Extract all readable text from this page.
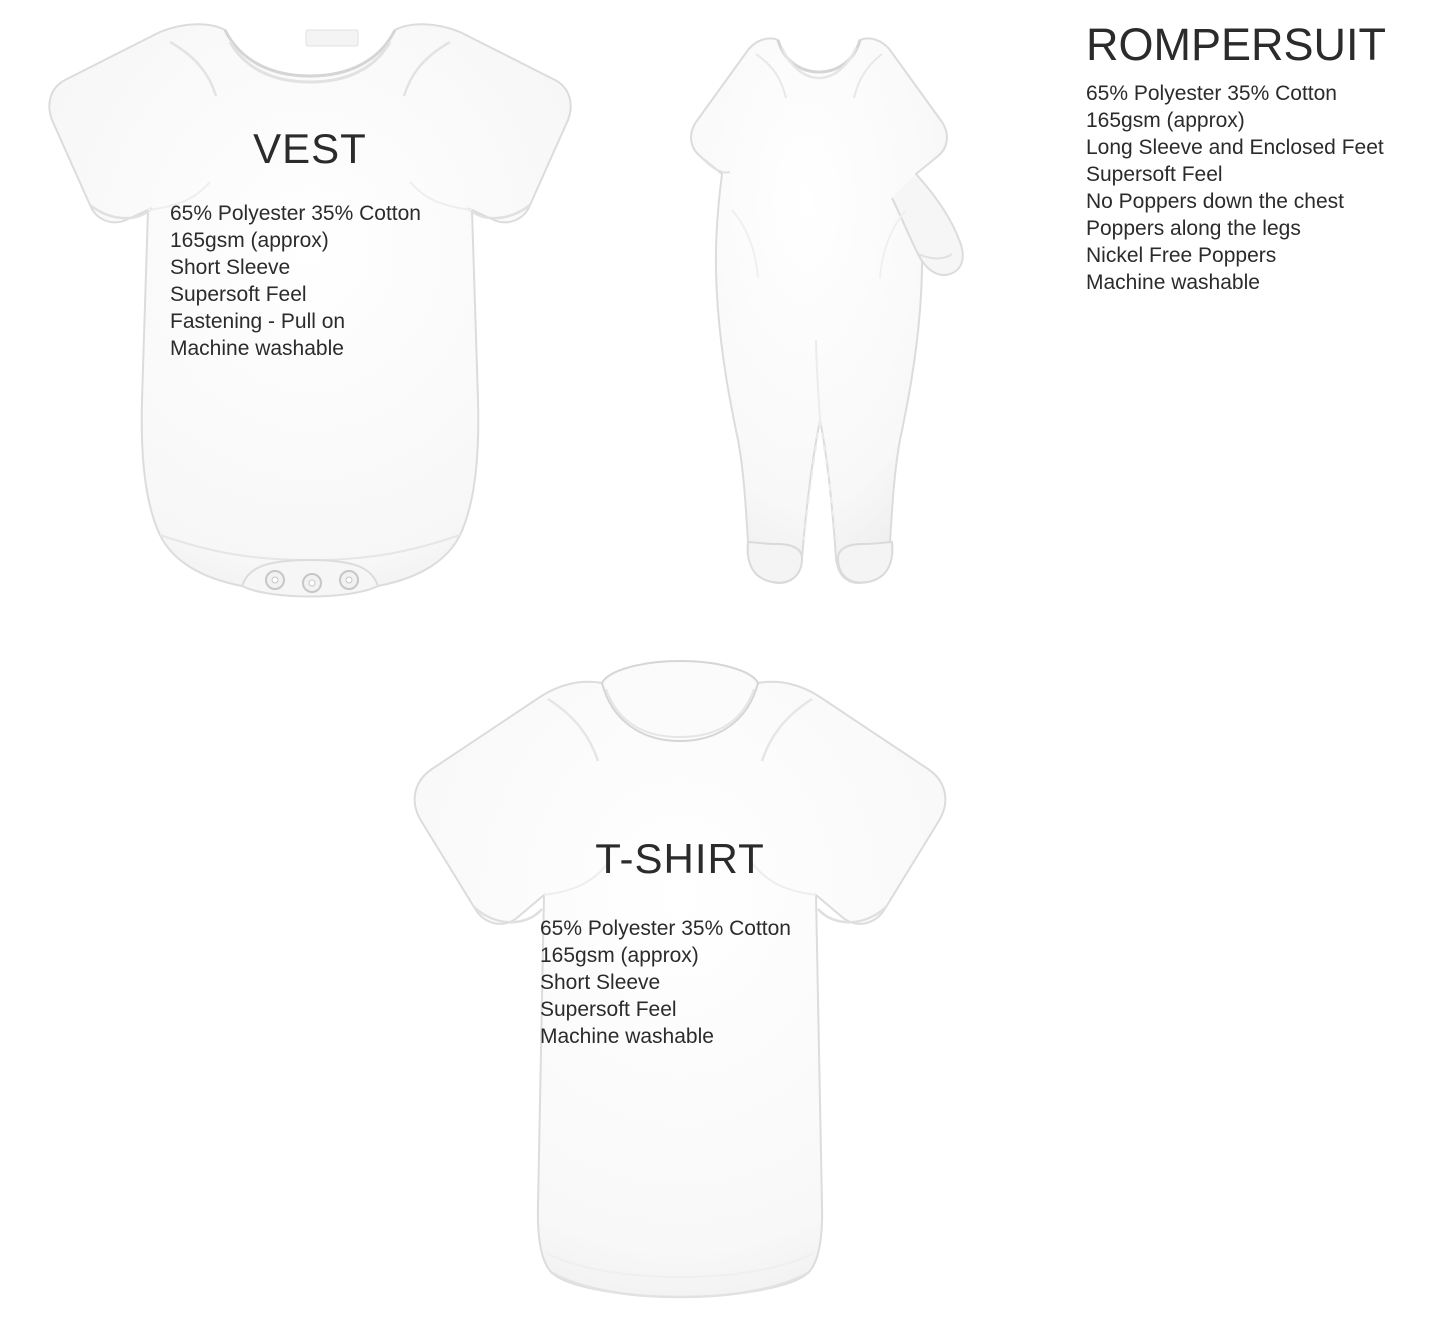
VEST
65% Polyester 35% Cotton
165gsm (approx)
Short Sleeve
Supersoft Feel
Fastening - Pull on
Machine washable
ROMPERSUIT
65% Polyester 35% Cotton
165gsm (approx)
Long Sleeve and Enclosed Feet
Supersoft Feel
No Poppers down the chest
Poppers along the legs
Nickel Free Poppers
Machine washable
T-SHIRT
65% Polyester 35% Cotton
165gsm (approx)
Short Sleeve
Supersoft Feel
Machine washable
